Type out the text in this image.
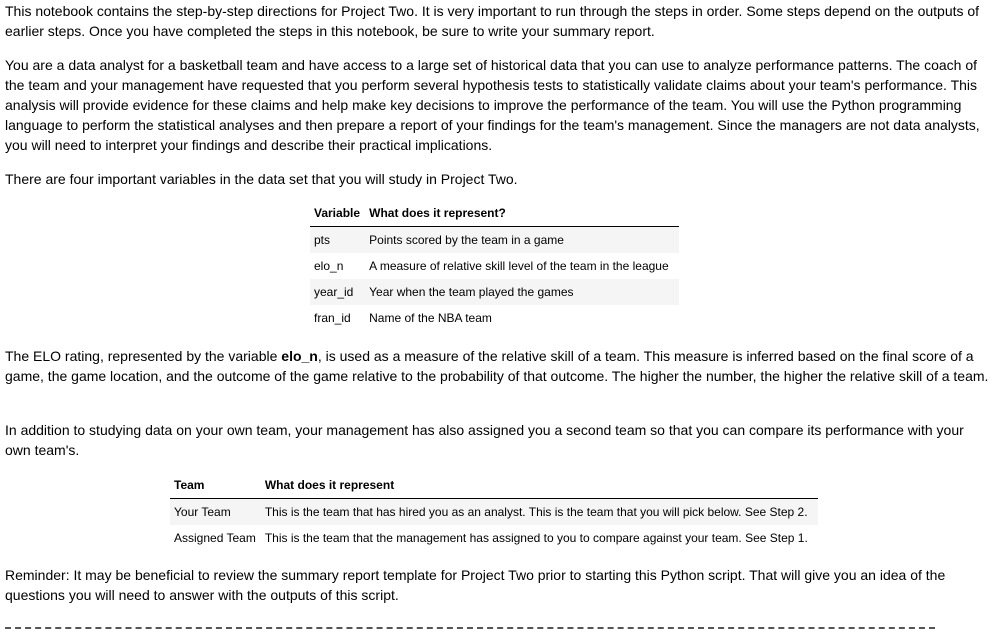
This notebook contains the step-by-step directions for Project Two. It is very important to run through the steps in order. Some steps depend on the outputs of earlier steps. Once you have completed the steps in this notebook, be sure to write your summary report.

You are a data analyst for a basketball team and have access to a large set of historical data that you can use to analyze performance patterns. The coach of the team and your management have requested that you perform several hypothesis tests to statistically validate claims about your team's performance. This analysis will provide evidence for these claims and help make key decisions to improve the performance of the team. You will use the Python programming language to perform the statistical analyses and then prepare a report of your findings for the team's management. Since the managers are not data analysts, you will need to interpret your findings and describe their practical implications.

There are four important variables in the data set that you will study in Project Two.

Variable	What does it represent?
pts	Points scored by the team in a game
elo_n	A measure of relative skill level of the team in the league
year_id	Year when the team played the games
fran_id	Name of the NBA team

The ELO rating, represented by the variable elo_n, is used as a measure of the relative skill of a team. This measure is inferred based on the final score of a game, the game location, and the outcome of the game relative to the probability of that outcome. The higher the number, the higher the relative skill of a team.

In addition to studying data on your own team, your management has also assigned you a second team so that you can compare its performance with your own team's.

Team	What does it represent
Your Team	This is the team that has hired you as an analyst. This is the team that you will pick below. See Step 2.
Assigned Team	This is the team that the management has assigned to you to compare against your team. See Step 1.

Reminder: It may be beneficial to review the summary report template for Project Two prior to starting this Python script. That will give you an idea of the questions you will need to answer with the outputs of this script.
